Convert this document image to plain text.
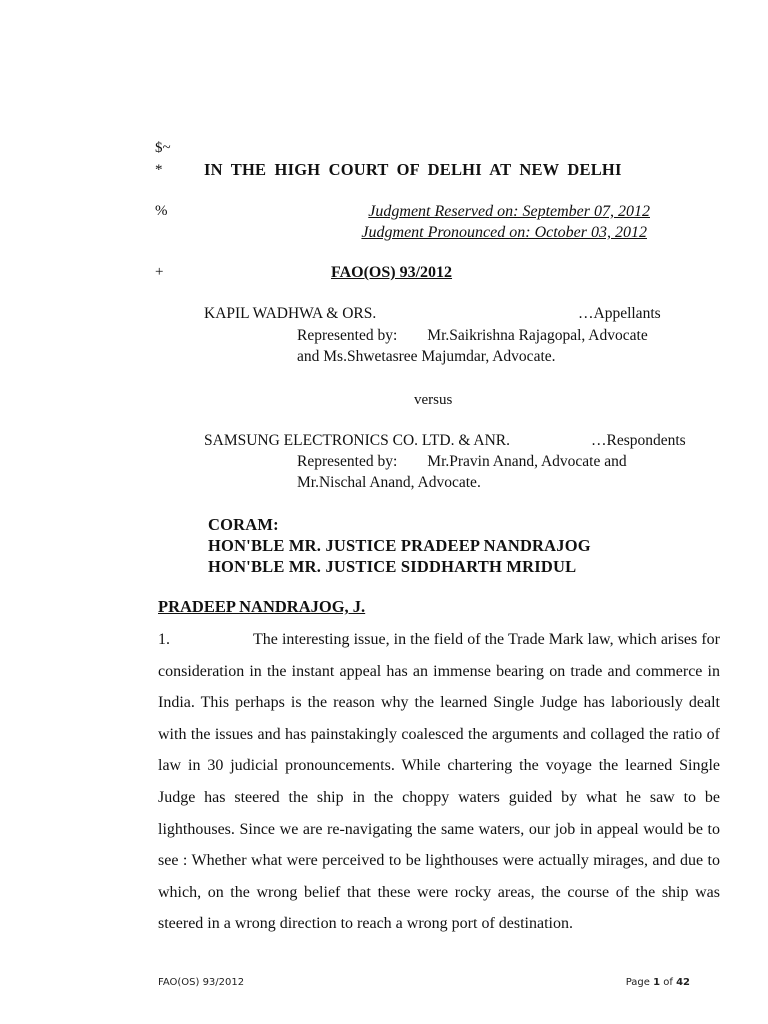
$~
*	IN THE HIGH COURT OF DELHI AT NEW DELHI
%	Judgment Reserved on: September 07, 2012
Judgment Pronounced on: October 03, 2012
+	FAO(OS) 93/2012
KAPIL WADHWA & ORS.	…Appellants
Represented by: Mr.Saikrishna Rajagopal, Advocate
and Ms.Shwetasree Majumdar, Advocate.
versus
SAMSUNG ELECTRONICS CO. LTD. & ANR.	…Respondents
Represented by: Mr.Pravin Anand, Advocate and
Mr.Nischal Anand, Advocate.
CORAM:
HON'BLE MR. JUSTICE PRADEEP NANDRAJOG
HON'BLE MR. JUSTICE SIDDHARTH MRIDUL
PRADEEP NANDRAJOG, J.
1.	The interesting issue, in the field of the Trade Mark law, which arises for consideration in the instant appeal has an immense bearing on trade and commerce in India. This perhaps is the reason why the learned Single Judge has laboriously dealt with the issues and has painstakingly coalesced the arguments and collaged the ratio of law in 30 judicial pronouncements. While chartering the voyage the learned Single Judge has steered the ship in the choppy waters guided by what he saw to be lighthouses. Since we are re-navigating the same waters, our job in appeal would be to see : Whether what were perceived to be lighthouses were actually mirages, and due to which, on the wrong belief that these were rocky areas, the course of the ship was steered in a wrong direction to reach a wrong port of destination.
FAO(OS) 93/2012	Page 1 of 42
